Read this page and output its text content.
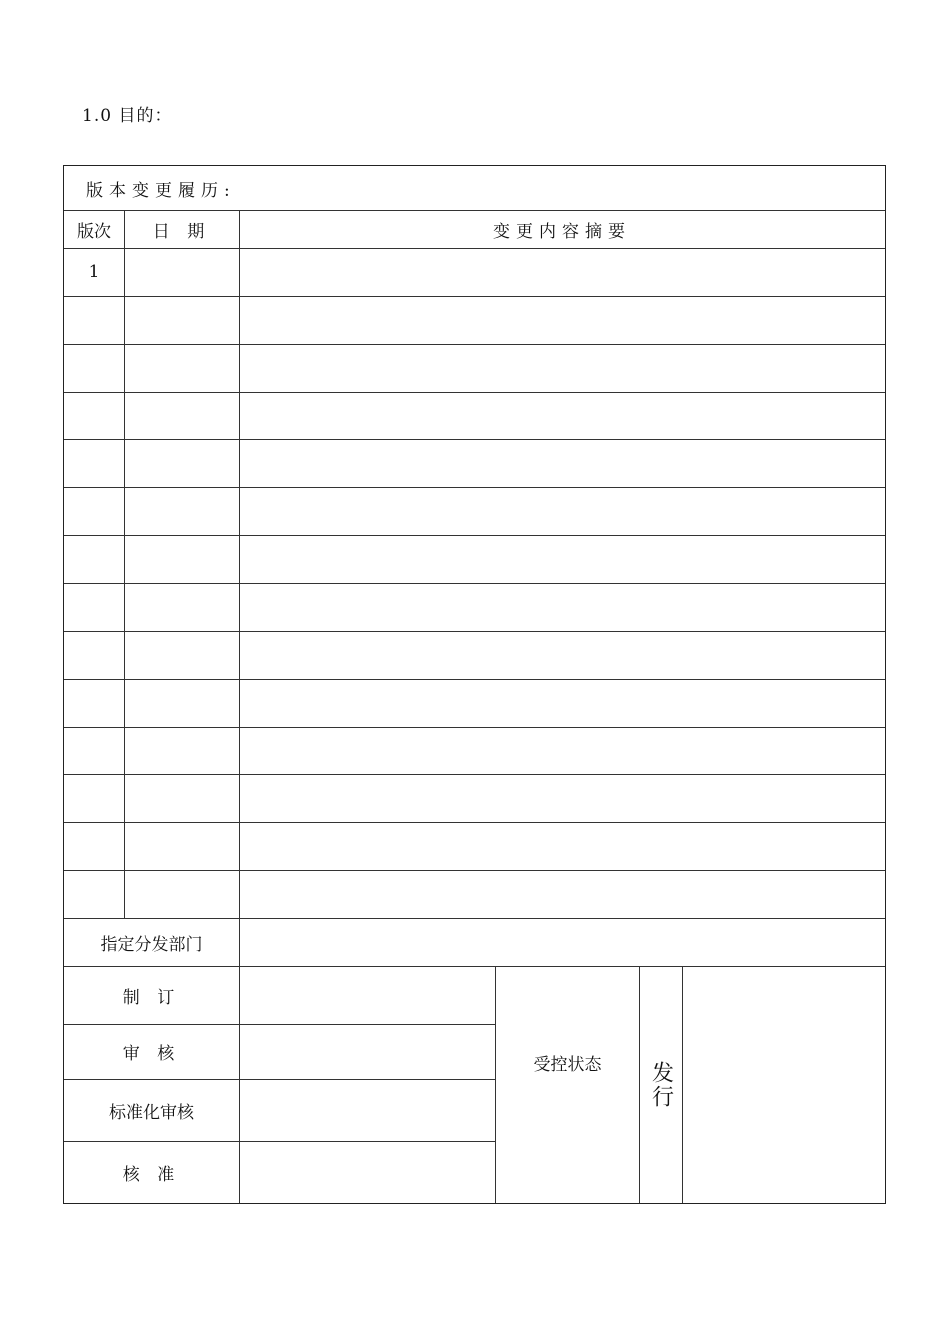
1.0 目的：
版本变更履历:
版次	日 期	变更内容摘要
1
指定分发部门
制 订
审 核
标准化审核
核 准
受控状态	发行
